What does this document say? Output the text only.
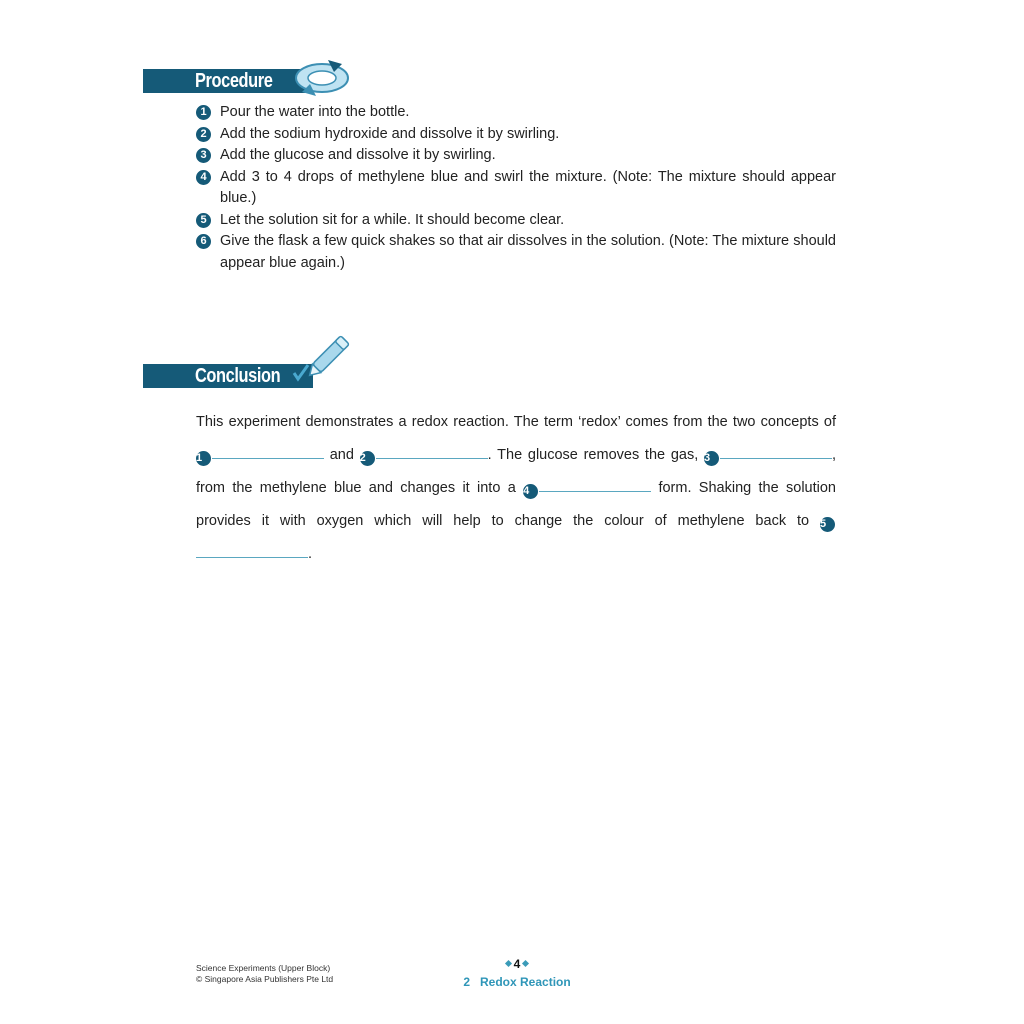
Procedure
1 Pour the water into the bottle.
2 Add the sodium hydroxide and dissolve it by swirling.
3 Add the glucose and dissolve it by swirling.
4 Add 3 to 4 drops of methylene blue and swirl the mixture. (Note: The mixture should appear blue.)
5 Let the solution sit for a while. It should become clear.
6 Give the flask a few quick shakes so that air dissolves in the solution. (Note: The mixture should appear blue again.)
Conclusion
This experiment demonstrates a redox reaction. The term ‘redox’ comes from the two concepts of 1	and 2	. The glucose removes the gas, 3	, from the methylene blue and changes it into a 4	form. Shaking the solution provides it with oxygen which will help to change the colour of methylene back to 5.
Science Experiments (Upper Block)
© Singapore Asia Publishers Pte Ltd
4
2 Redox Reaction
